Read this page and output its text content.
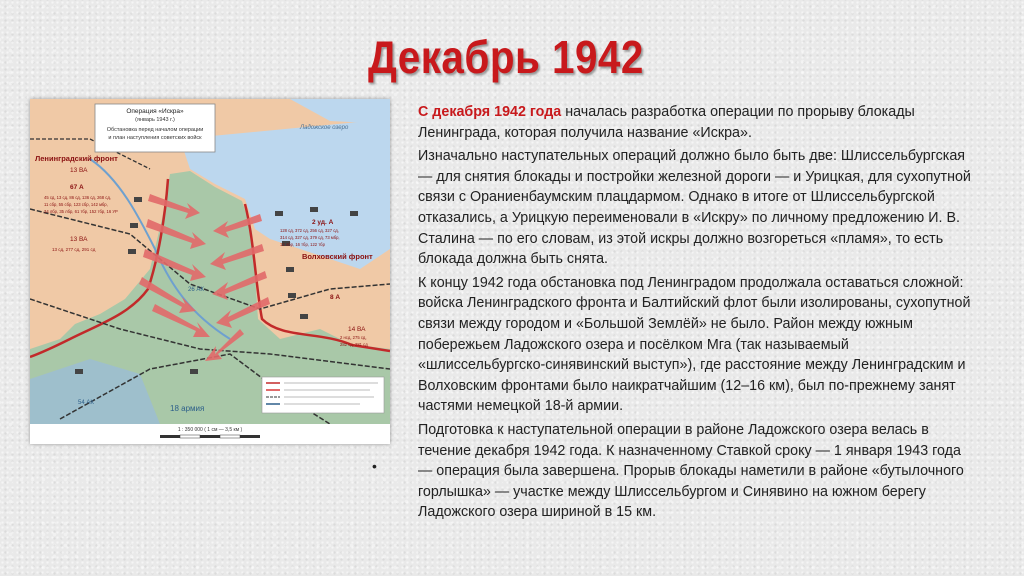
Декабрь 1942
Операция «Искра»
(январь 1943 г.)
Обстановка перед началом операции
и план наступления советских войск
Ленинградский фронт
13 ВА
67 А
45 сд, 13 сд, 86 сд, 136 сд, 268 сд,
11 сбр, 55 сбр, 123 сбр, 142 мбр,
34 лбр, 35 лбр, 61 тбр, 152 тбр, 16 УР
13 ВА
13 сд, 277 сд, 291 сд
Ладожское озеро
2 уд. А
128 сд, 372 сд, 256 сд, 327 сд,
314 сд, 327 сд, 379 сд, 73 мбр,
12 лбр, 16 тбр, 122 тбр
Волховский фронт
8 А
14 ВА
2 нсд, 275 сд,
282 сд, 281 сд
26 АК
54 АК
18 армия
1 : 350 000 ( 1 см — 3,5 км )

С декабря 1942 года началась разработка операции по прорыву блокады Ленинграда, которая получила название «Искра».

Изначально наступательных операций должно было быть две: Шлиссельбургская — для снятия блокады и постройки железной дороги — и Урицкая, для сухопутной связи с Ораниенбаумским плацдармом. Однако в итоге от Шлиссельбургской отказались, а Урицкую переименовали в «Искру» по личному предложению И. В. Сталина — по его словам, из этой искры должно возгореться «пламя», то есть блокада должна быть снята.

К концу 1942 года обстановка под Ленинградом продолжала оставаться сложной: войска Ленинградского фронта и Балтийский флот были изолированы, сухопутной связи между городом и «Большой Землёй» не было. Район между южным побережьем Ладожского озера и посёлком Мга (так называемый «шлиссельбургско-синявинский выступ»), где расстояние между Ленинградским и Волховским фронтами было наикратчайшим (12–16 км), был по-прежнему занят частями немецкой 18-й армии.

Подготовка к наступательной операции в районе Ладожского озера велась в течение декабря 1942 года. К назначенному Ставкой сроку — 1 января 1943 года — операция была завершена. Прорыв блокады наметили в районе «бутылочного горлышка» — участке между Шлиссельбургом и Синявино на южном берегу Ладожского озера шириной в 15 км.

•
